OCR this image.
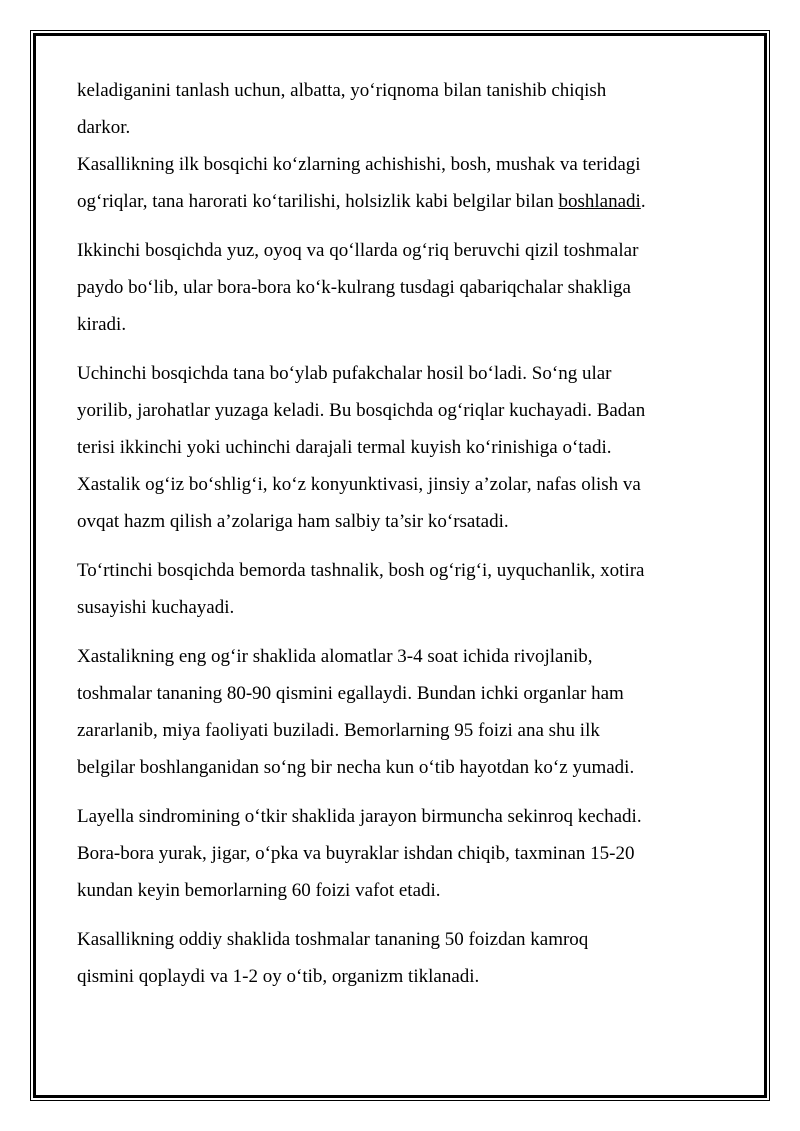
keladiganini tanlash uchun, albatta, yo‘riqnoma bilan tanishib chiqish
darkor.

Kasallikning ilk bosqichi ko‘zlarning achishishi, bosh, mushak va teridagi
og‘riqlar, tana harorati ko‘tarilishi, holsizlik kabi belgilar bilan boshlanadi.

Ikkinchi bosqichda yuz, oyoq va qo‘llarda og‘riq beruvchi qizil toshmalar
paydo bo‘lib, ular bora-bora ko‘k-kulrang tusdagi qabariqchalar shakliga
kiradi.

Uchinchi bosqichda tana bo‘ylab pufakchalar hosil bo‘ladi. So‘ng ular
yorilib, jarohatlar yuzaga keladi. Bu bosqichda og‘riqlar kuchayadi. Badan
terisi ikkinchi yoki uchinchi darajali termal kuyish ko‘rinishiga o‘tadi.
Xastalik og‘iz bo‘shlig‘i, ko‘z konyunktivasi, jinsiy a’zolar, nafas olish va
ovqat hazm qilish a’zolariga ham salbiy ta’sir ko‘rsatadi.

To‘rtinchi bosqichda bemorda tashnalik, bosh og‘rig‘i, uyquchanlik, xotira
susayishi kuchayadi.

Xastalikning eng og‘ir shaklida alomatlar 3-4 soat ichida rivojlanib,
toshmalar tananing 80-90 qismini egallaydi. Bundan ichki organlar ham
zararlanib, miya faoliyati buziladi. Bemorlarning 95 foizi ana shu ilk
belgilar boshlanganidan so‘ng bir necha kun o‘tib hayotdan ko‘z yumadi.

Layella sindromining o‘tkir shaklida jarayon birmuncha sekinroq kechadi.
Bora-bora yurak, jigar, o‘pka va buyraklar ishdan chiqib, taxminan 15-20
kundan keyin bemorlarning 60 foizi vafot etadi.

Kasallikning oddiy shaklida toshmalar tananing 50 foizdan kamroq
qismini qoplaydi va 1-2 oy o‘tib, organizm tiklanadi.
